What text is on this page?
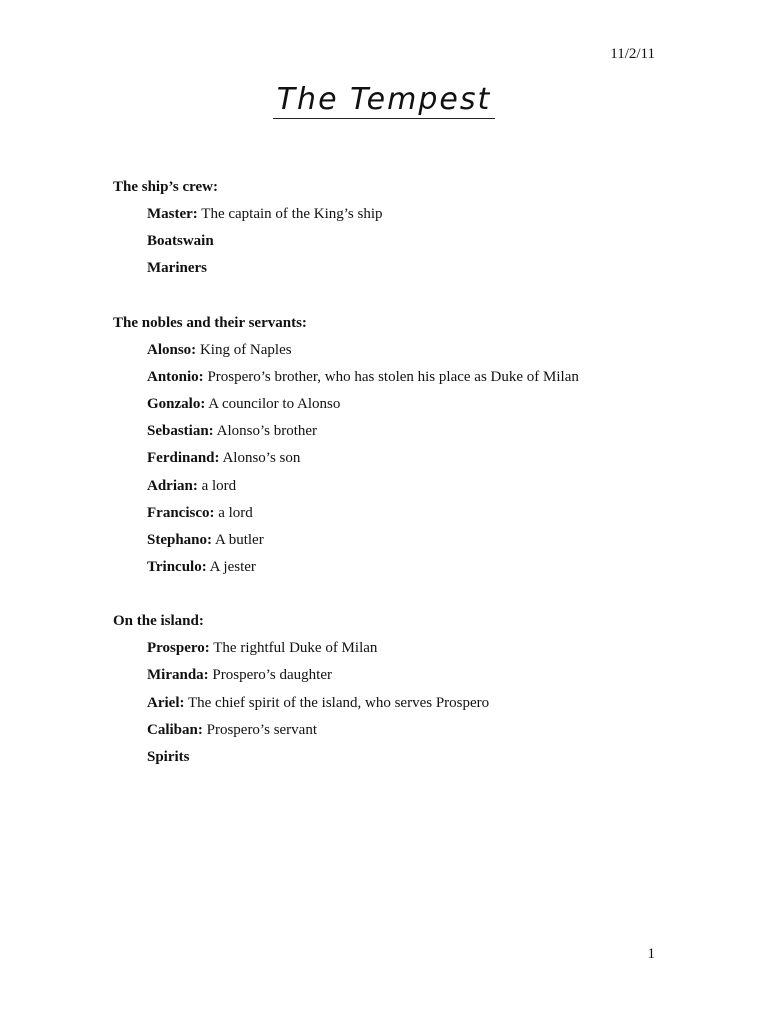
11/2/11
The Tempest
The ship’s crew:
Master: The captain of the King’s ship
Boatswain
Mariners
The nobles and their servants:
Alonso: King of Naples
Antonio: Prospero’s brother, who has stolen his place as Duke of Milan
Gonzalo: A councilor to Alonso
Sebastian: Alonso’s brother
Ferdinand: Alonso’s son
Adrian: a lord
Francisco: a lord
Stephano: A butler
Trinculo: A jester
On the island:
Prospero: The rightful Duke of Milan
Miranda: Prospero’s daughter
Ariel: The chief spirit of the island, who serves Prospero
Caliban: Prospero’s servant
Spirits
1
